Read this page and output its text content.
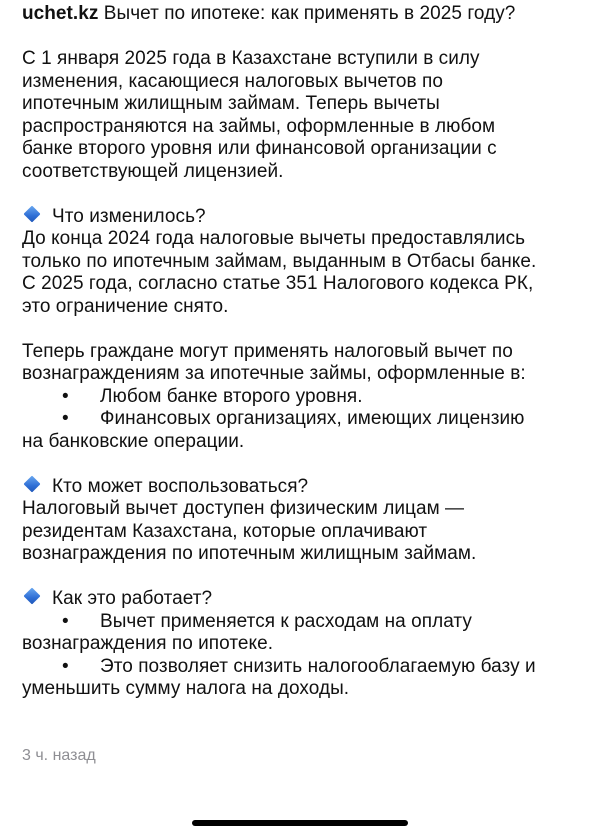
uchet.kz Вычет по ипотеке: как применять в 2025 году?

С 1 января 2025 года в Казахстане вступили в силу
изменения, касающиеся налоговых вычетов по
ипотечным жилищным займам. Теперь вычеты
распространяются на займы, оформленные в любом
банке второго уровня или финансовой организации с
соответствующей лицензией.

Что изменилось?
До конца 2024 года налоговые вычеты предоставлялись
только по ипотечным займам, выданным в Отбасы банке.
С 2025 года, согласно статье 351 Налогового кодекса РК,
это ограничение снято.

Теперь граждане могут применять налоговый вычет по
вознаграждениям за ипотечные займы, оформленные в:
• Любом банке второго уровня.
• Финансовых организациях, имеющих лицензию
на банковские операции.

Кто может воспользоваться?
Налоговый вычет доступен физическим лицам —
резидентам Казахстана, которые оплачивают
вознаграждения по ипотечным жилищным займам.

Как это работает?
• Вычет применяется к расходам на оплату
вознаграждения по ипотеке.
• Это позволяет снизить налогооблагаемую базу и
уменьшить сумму налога на доходы.

3 ч. назад
